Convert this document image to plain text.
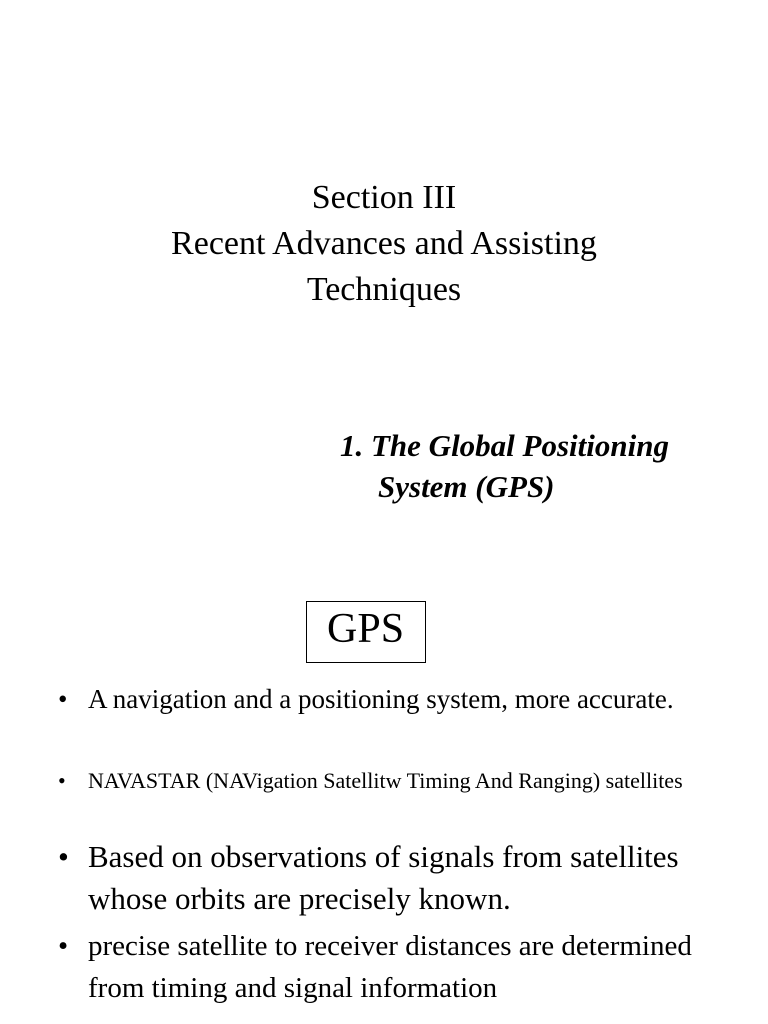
Section III
Recent Advances and Assisting
Techniques
1. The Global Positioning
System (GPS)
GPS
• A navigation and a positioning system, more accurate.
• NAVASTAR (NAVigation Satellitw Timing And Ranging) satellites
• Based on observations of signals from satellites whose orbits are precisely known.
• precise satellite to receiver distances are determined from timing and signal information
